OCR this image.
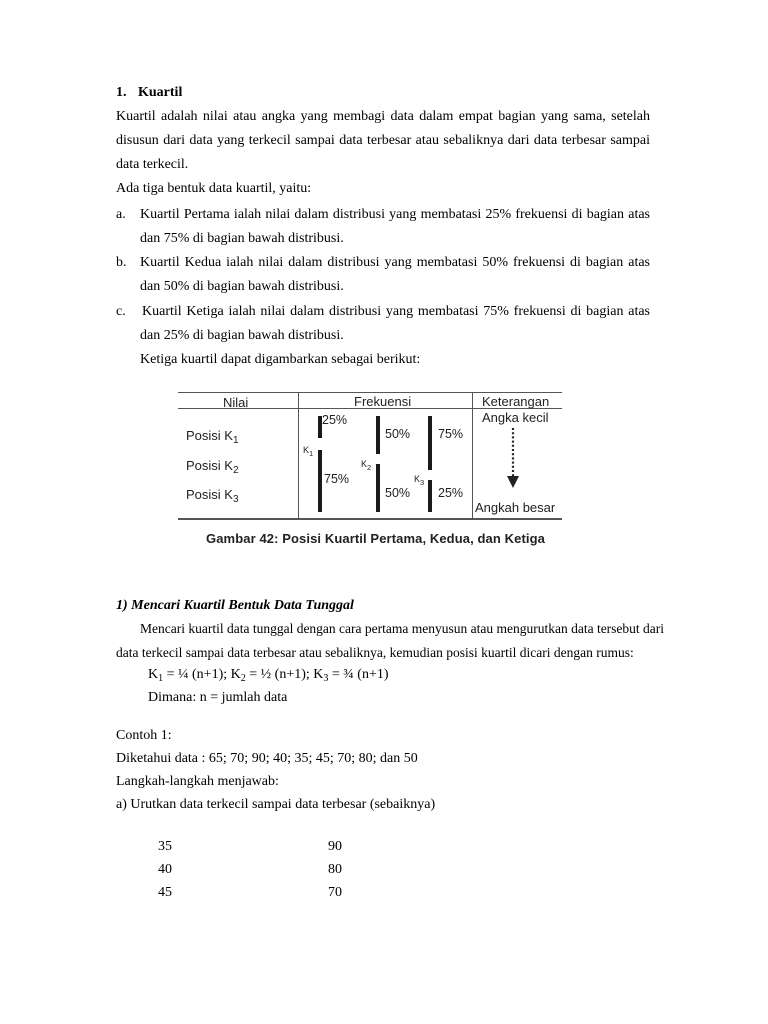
1. Kuartil
Kuartil adalah nilai atau angka yang membagi data dalam empat bagian yang sama, setelah
disusun dari data yang terkecil sampai data terbesar atau sebaliknya dari data terbesar sampai
data terkecil.
Ada tiga bentuk data kuartil, yaitu:
a. Kuartil Pertama ialah nilai dalam distribusi yang membatasi 25% frekuensi di bagian atas
dan 75% di bagian bawah distribusi.
b. Kuartil Kedua ialah nilai dalam distribusi yang membatasi 50% frekuensi di bagian atas
dan 50% di bagian bawah distribusi.
c. Kuartil Ketiga ialah nilai dalam distribusi yang membatasi 75% frekuensi di bagian atas
dan 25% di bagian bawah distribusi.
Ketiga kuartil dapat digambarkan sebagai berikut:
Nilai	Frekuensi	Keterangan
Posisi $K_1$
Posisi $K_2$
Posisi $K_3$
25%
$K_1$
75%
50%
$K_2$
50%
75%
$K_3$
25%
Angka kecil
Angkah besar
Gambar 42: Posisi Kuartil Pertama, Kedua, dan Ketiga
1) Mencari Kuartil Bentuk Data Tunggal
Mencari kuartil data tunggal dengan cara pertama menyusun atau mengurutkan data tersebut dari
data terkecil sampai data terbesar atau sebaliknya, kemudian posisi kuartil dicari dengan rumus:
$K_1$ = ¼ (n+1); $K_2$ = ½ (n+1); $K_3$ = ¾ (n+1)
Dimana: n = jumlah data
Contoh 1:
Diketahui data : 65; 70; 90; 40; 35; 45; 70; 80; dan 50
Langkah-langkah menjawab:
a) Urutkan data terkecil sampai data terbesar (sebaiknya)
35
40
45
90
80
70
